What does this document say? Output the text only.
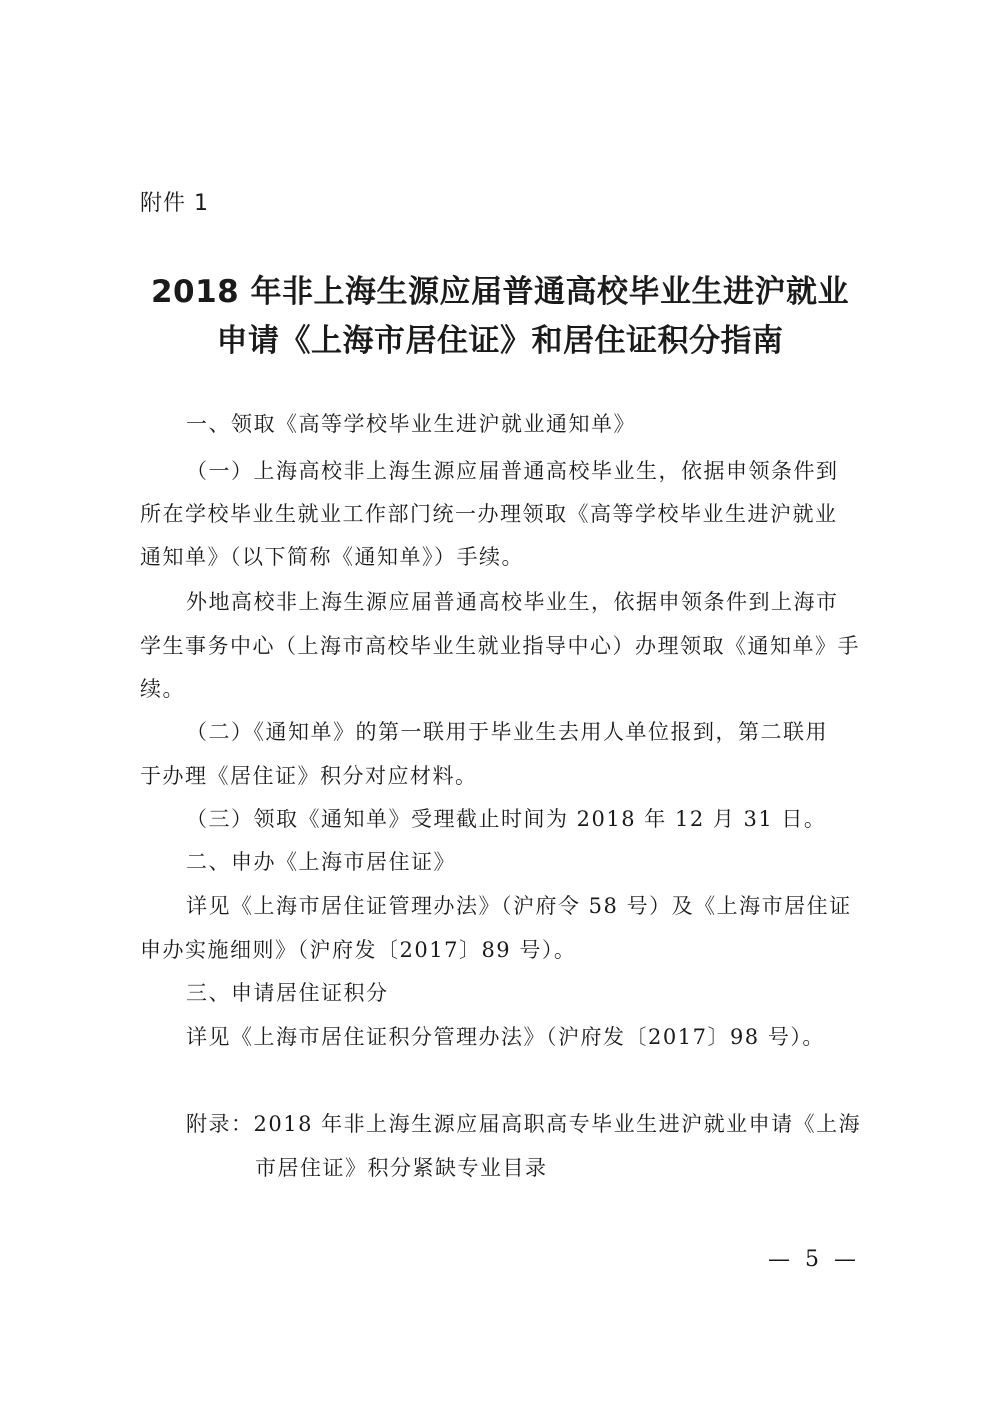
附件 1
2018 年非上海生源应届普通高校毕业生进沪就业
申请《上海市居住证》和居住证积分指南
一、领取《高等学校毕业生进沪就业通知单》
（一）上海高校非上海生源应届普通高校毕业生，依据申领条件到
所在学校毕业生就业工作部门统一办理领取《高等学校毕业生进沪就业
通知单》（以下简称《通知单》）手续。
外地高校非上海生源应届普通高校毕业生，依据申领条件到上海市
学生事务中心（上海市高校毕业生就业指导中心）办理领取《通知单》手
续。
（二）《通知单》的第一联用于毕业生去用人单位报到，第二联用
于办理《居住证》积分对应材料。
（三）领取《通知单》受理截止时间为 2018 年 12 月 31 日。
二、申办《上海市居住证》
详见《上海市居住证管理办法》（沪府令 58 号）及《上海市居住证
申办实施细则》（沪府发〔2017〕89 号）。
三、申请居住证积分
详见《上海市居住证积分管理办法》（沪府发〔2017〕98 号）。
附录：2018 年非上海生源应届高职高专毕业生进沪就业申请《上海
市居住证》积分紧缺专业目录
— 5 —
